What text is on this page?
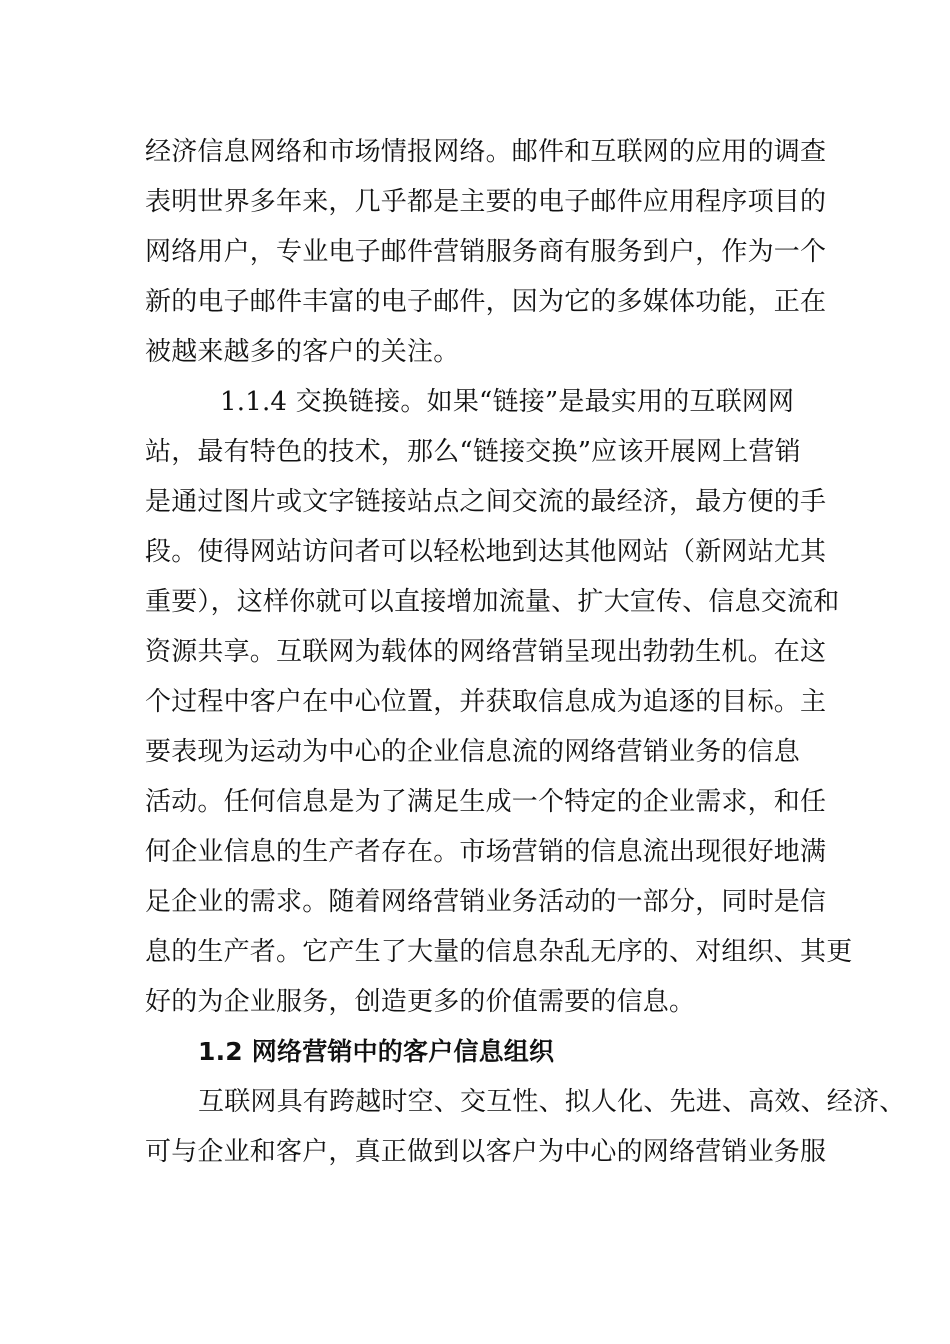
经济信息网络和市场情报网络。邮件和互联网的应用的调查
表明世界多年来，几乎都是主要的电子邮件应用程序项目的
网络用户，专业电子邮件营销服务商有服务到户，作为一个
新的电子邮件丰富的电子邮件，因为它的多媒体功能，正在
被越来越多的客户的关注。
1.1.4 交换链接。如果“链接”是最实用的互联网网
站，最有特色的技术，那么“链接交换”应该开展网上营销
是通过图片或文字链接站点之间交流的最经济，最方便的手
段。使得网站访问者可以轻松地到达其他网站（新网站尤其
重要），这样你就可以直接增加流量、扩大宣传、信息交流和
资源共享。互联网为载体的网络营销呈现出勃勃生机。在这
个过程中客户在中心位置，并获取信息成为追逐的目标。主
要表现为运动为中心的企业信息流的网络营销业务的信息
活动。任何信息是为了满足生成一个特定的企业需求，和任
何企业信息的生产者存在。市场营销的信息流出现很好地满
足企业的需求。随着网络营销业务活动的一部分，同时是信
息的生产者。它产生了大量的信息杂乱无序的、对组织、其更
好的为企业服务，创造更多的价值需要的信息。
1.2 网络营销中的客户信息组织
互联网具有跨越时空、交互性、拟人化、先进、高效、经济、
可与企业和客户，真正做到以客户为中心的网络营销业务服
